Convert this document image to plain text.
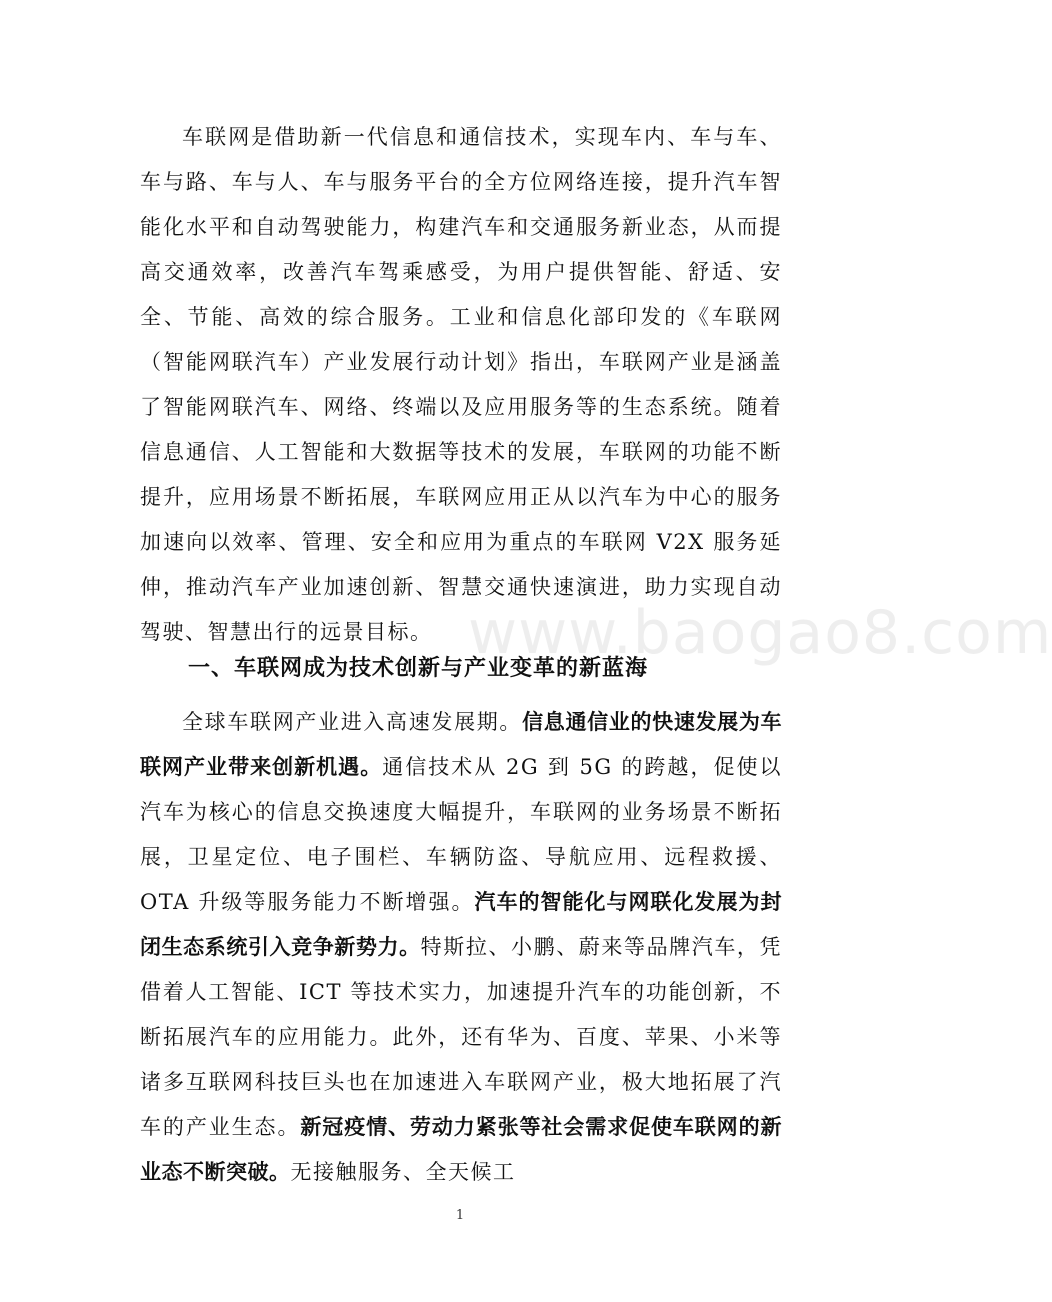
车联网是借助新一代信息和通信技术，实现车内、车与车、车与路、车与人、车与服务平台的全方位网络连接，提升汽车智能化水平和自动驾驶能力，构建汽车和交通服务新业态，从而提高交通效率，改善汽车驾乘感受，为用户提供智能、舒适、安全、节能、高效的综合服务。工业和信息化部印发的《车联网（智能网联汽车）产业发展行动计划》指出，车联网产业是涵盖了智能网联汽车、网络、终端以及应用服务等的生态系统。随着信息通信、人工智能和大数据等技术的发展，车联网的功能不断提升，应用场景不断拓展，车联网应用正从以汽车为中心的服务加速向以效率、管理、安全和应用为重点的车联网 V2X 服务延伸，推动汽车产业加速创新、智慧交通快速演进，助力实现自动驾驶、智慧出行的远景目标。 www.baogao8.com
一、车联网成为技术创新与产业变革的新蓝海

全球车联网产业进入高速发展期。信息通信业的快速发展为车联网产业带来创新机遇。通信技术从 2G 到 5G 的跨越，促使以汽车为核心的信息交换速度大幅提升，车联网的业务场景不断拓展，卫星定位、电子围栏、车辆防盗、导航应用、远程救援、OTA 升级等服务能力不断增强。汽车的智能化与网联化发展为封闭生态系统引入竞争新势力。特斯拉、小鹏、蔚来等品牌汽车，凭借着人工智能、ICT 等技术实力，加速提升汽车的功能创新，不断拓展汽车的应用能力。此外，还有华为、百度、苹果、小米等诸多互联网科技巨头也在加速进入车联网产业，极大地拓展了汽车的产业生态。新冠疫情、劳动力紧张等社会需求促使车联网的新业态不断突破。无接触服务、全天候工

1
